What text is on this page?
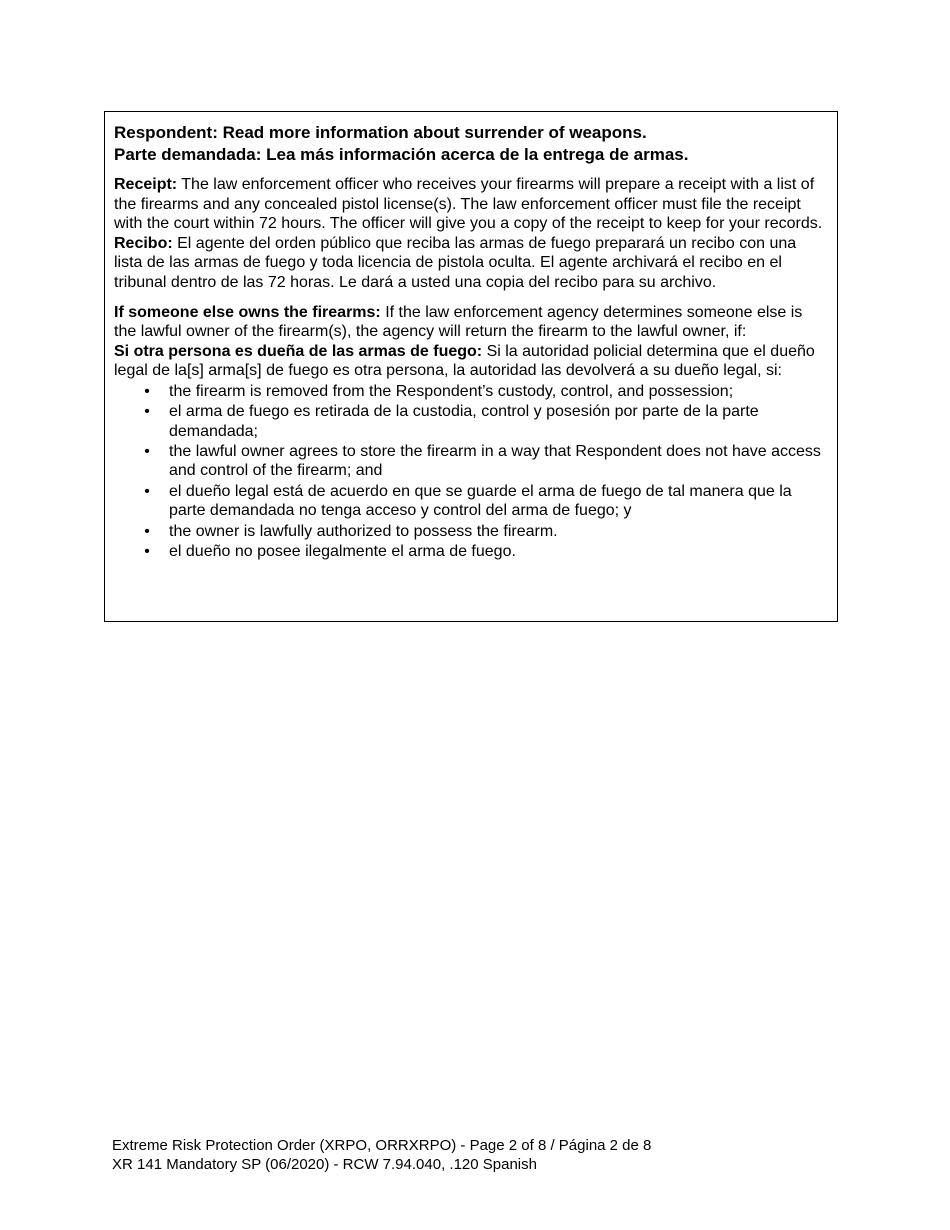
Respondent: Read more information about surrender of weapons.

Parte demandada: Lea más información acerca de la entrega de armas.

Receipt: The law enforcement officer who receives your firearms will prepare a receipt with a list of the firearms and any concealed pistol license(s). The law enforcement officer must file the receipt with the court within 72 hours. The officer will give you a copy of the receipt to keep for your records.

Recibo: El agente del orden público que reciba las armas de fuego preparará un recibo con una lista de las armas de fuego y toda licencia de pistola oculta. El agente archivará el recibo en el tribunal dentro de las 72 horas. Le dará a usted una copia del recibo para su archivo.

If someone else owns the firearms: If the law enforcement agency determines someone else is the lawful owner of the firearm(s), the agency will return the firearm to the lawful owner, if:

Si otra persona es dueña de las armas de fuego: Si la autoridad policial determina que el dueño legal de la[s] arma[s] de fuego es otra persona, la autoridad las devolverá a su dueño legal, si:

• the firearm is removed from the Respondent’s custody, control, and possession;
• el arma de fuego es retirada de la custodia, control y posesión por parte de la parte demandada;
• the lawful owner agrees to store the firearm in a way that Respondent does not have access and control of the firearm; and
• el dueño legal está de acuerdo en que se guarde el arma de fuego de tal manera que la parte demandada no tenga acceso y control del arma de fuego; y
• the owner is lawfully authorized to possess the firearm.
• el dueño no posee ilegalmente el arma de fuego.
Extreme Risk Protection Order (XRPO, ORRXRPO) - Page 2 of 8 / Página 2 de 8
XR 141 Mandatory SP (06/2020) - RCW 7.94.040, .120 Spanish
